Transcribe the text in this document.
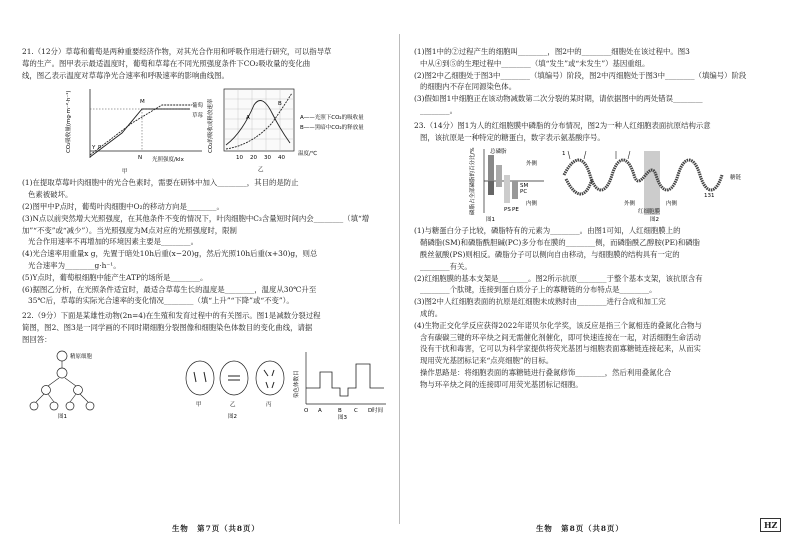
21.（12分）草莓和葡萄是两种重要经济作物，对其光合作用和呼吸作用进行研究，可以指导草

莓的生产。图甲表示最适温度时，葡萄和草莓在不同光照强度条件下CO₂吸收量的变化曲

线，图乙表示温度对草莓净光合速率和呼吸速率的影响曲线图。

M
P
Y
N
葡萄
草莓
光照强度/klx
CO₂吸收量(mg·m⁻²·h⁻¹)
甲
A
B
10 20 30 40
温度/℃
CO₂的吸收或释放速率	A——光照下CO₂的吸收量
B——黑暗中CO₂的释放量
乙

(1)在提取草莓叶肉细胞中的光合色素时，需要在研钵中加入________，其目的是防止

色素被破坏。

(2)图甲中P点时，葡萄叶肉细胞中O₂的移动方向是________。

(3)N点以前突然增大光照强度，在其他条件不变的情况下，叶肉细胞中C₃含量短时间内会________（填“增加”“不变”或“减少”）。当光照强度为M点对应的光照强度时，限制

光合作用速率不再增加的环境因素主要是________。

(4)光合速率用重量x g，先置于暗处10h后重(x−20)g，然后光照10h后重(x+30)g，则总

光合速率为________g·h⁻¹。

(5)Y点时，葡萄根细胞中能产生ATP的场所是________。

(6)据图乙分析，在光照条件适宜时，最适合草莓生长的温度是________，温度从30℃升至

35℃后，草莓的实际光合速率的变化情况________（填“上升”“下降”或“不变”）。

22.（9分）下面是某雄性动物(2n=4)在生殖和发育过程中的有关图示。图1是减数分裂过程

简图，图2、图3是一同学画的不同时期细胞分裂图像和细胞染色体数目的变化曲线，请据

图回答：

精原细胞
图1
甲	乙	丙
图2
O A	B C D 时间
染色体数目
图3

(1)图1中的②过程产生的细胞叫________，图2中的________细胞处在该过程中。图3

中从④到⑤的生理过程中________（填“发生”或“未发生”）基因重组。

(2)图2中乙细胞处于图3中________（填编号）阶段，图2中丙细胞处于图3中________（填编号）阶段

的细胞内不存在同源染色体。

(3)假如图1中细胞正在该动物减数第二次分裂的某时期，请依据图中的两处错误________

________。

23.（14分）图1为人的红细胞膜中磷脂的分布情况，图2为一种人红细胞表面抗原结构示意

图，该抗原是一种特定的糖蛋白，数字表示氨基酸序号。

总磷脂
外侧
内侧
SM
PC
PS PE
磷脂占全部磷脂的百分比/%
图1
1
131
外侧	内侧
红细胞膜
糖链
图2

(1)与糖蛋白分子比较，磷脂特有的元素为________。由图1可知，人红细胞膜上的

鞘磷脂(SM)和磷脂酰胆碱(PC)多分布在膜的________侧，而磷脂酰乙醇胺(PE)和磷脂

酰丝氨酸(PS)则相反。磷脂分子可以侧向自由移动，与细胞膜的结构具有一定的

________有关。

(2)红细胞膜的基本支架是________。图2所示抗原________于整个基本支架，该抗原含有

________个肽键，连接到蛋白质分子上的寡糖链的分布特点是________。

(3)图2中人红细胞表面的抗原是红细胞未成熟时由________进行合成和加工完

成的。

(4)生物正交化学反应获得2022年诺贝尔化学奖，该反应是指三个氮相连的叠氮化合物与

含有碳碳三键的环辛炔之间无需催化剂催化，即可快速连接在一起，对活细胞生命活动

没有干扰和毒害，它可以为科学家提供将荧光基团与细胞表面寡糖链连接起来，从而实

现用荧光基团标记来“点亮细胞”的目标。

操作思路是：将细胞表面的寡糖链进行叠氮修饰________，然后利用叠氮化合

物与环辛炔之间的连接即可用荧光基团标记细胞。

生物　第7页（共8页）	生物　第8页（共8页）	HZ
